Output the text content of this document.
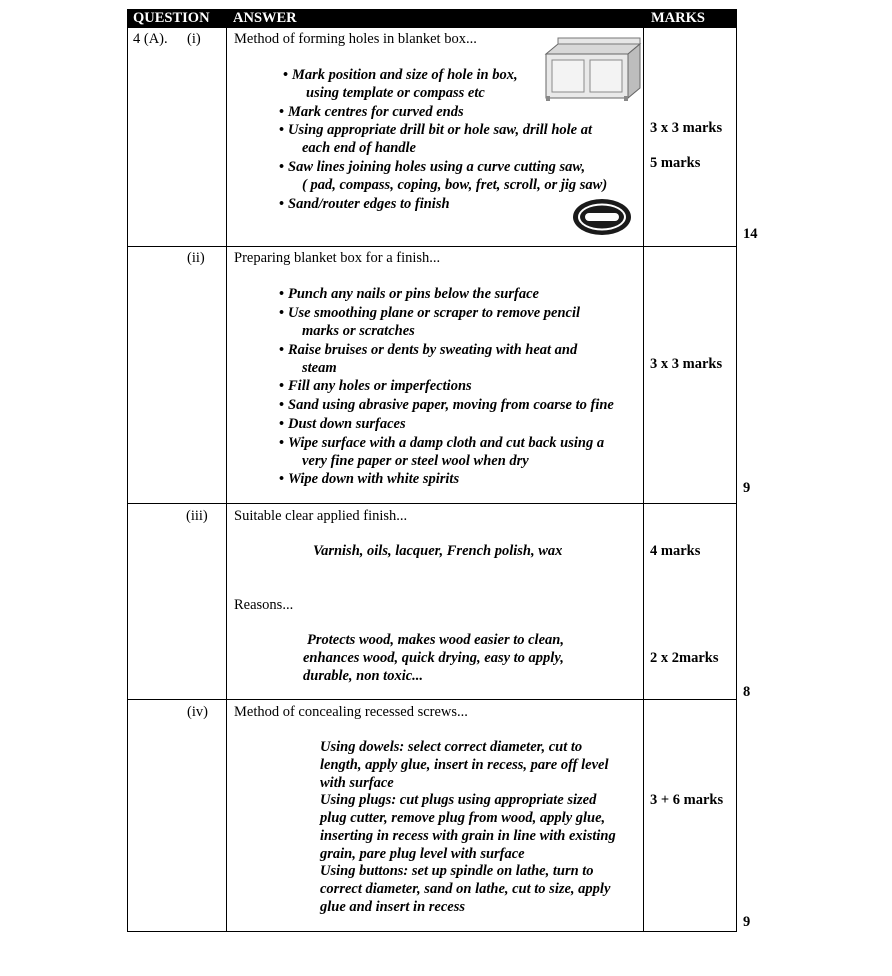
QUESTION ANSWER	MARKS
4 (A). (i) Method of forming holes in blanket box...
• Mark position and size of hole in box,
using template or compass etc
• Mark centres for curved ends
• Using appropriate drill bit or hole saw, drill hole at
each end of handle
• Saw lines joining holes using a curve cutting saw,
( pad, compass, coping, bow, fret, scroll, or jig saw)
• Sand/router edges to finish
3 x 3 marks
5 marks
14
(ii) Preparing blanket box for a finish...
• Punch any nails or pins below the surface
• Use smoothing plane or scraper to remove pencil
marks or scratches
• Raise bruises or dents by sweating with heat and
steam
• Fill any holes or imperfections
• Sand using abrasive paper, moving from coarse to fine
• Dust down surfaces
• Wipe surface with a damp cloth and cut back using a
very fine paper or steel wool when dry
• Wipe down with white spirits
3 x 3 marks
9
(iii) Suitable clear applied finish...
Varnish, oils, lacquer, French polish, wax
Reasons...
Protects wood, makes wood easier to clean,
enhances wood, quick drying, easy to apply,
durable, non toxic...
4 marks
2 x 2marks
8
(iv) Method of concealing recessed screws...
Using dowels: select correct diameter, cut to
length, apply glue, insert in recess, pare off level
with surface
Using plugs: cut plugs using appropriate sized
plug cutter, remove plug from wood, apply glue,
inserting in recess with grain in line with existing
grain, pare plug level with surface
Using buttons: set up spindle on lathe, turn to
correct diameter, sand on lathe, cut to size, apply
glue and insert in recess
3 + 6 marks
9
